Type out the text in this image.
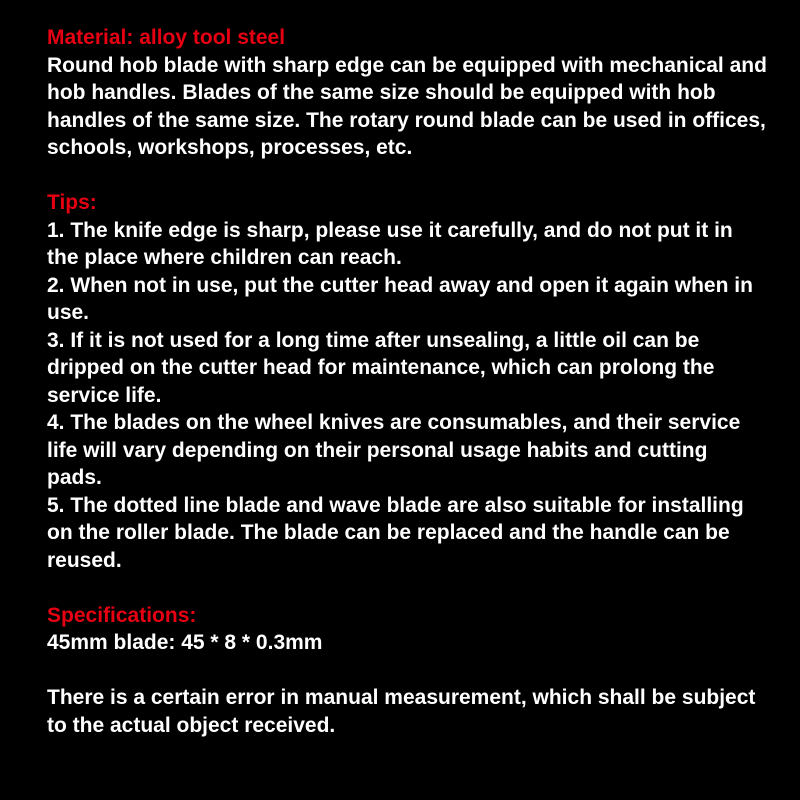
Material: alloy tool steel

Round hob blade with sharp edge can be equipped with mechanical and hob handles. Blades of the same size should be equipped with hob handles of the same size. The rotary round blade can be used in offices, schools, workshops, processes, etc.

Tips:

1. The knife edge is sharp, please use it carefully, and do not put it in the place where children can reach.

2. When not in use, put the cutter head away and open it again when in use.

3. If it is not used for a long time after unsealing, a little oil can be dripped on the cutter head for maintenance, which can prolong the service life.

4. The blades on the wheel knives are consumables, and their service life will vary depending on their personal usage habits and cutting pads.

5. The dotted line blade and wave blade are also suitable for installing on the roller blade. The blade can be replaced and the handle can be reused.

Specifications:

45mm blade: 45 * 8 * 0.3mm

There is a certain error in manual measurement, which shall be subject to the actual object received.
